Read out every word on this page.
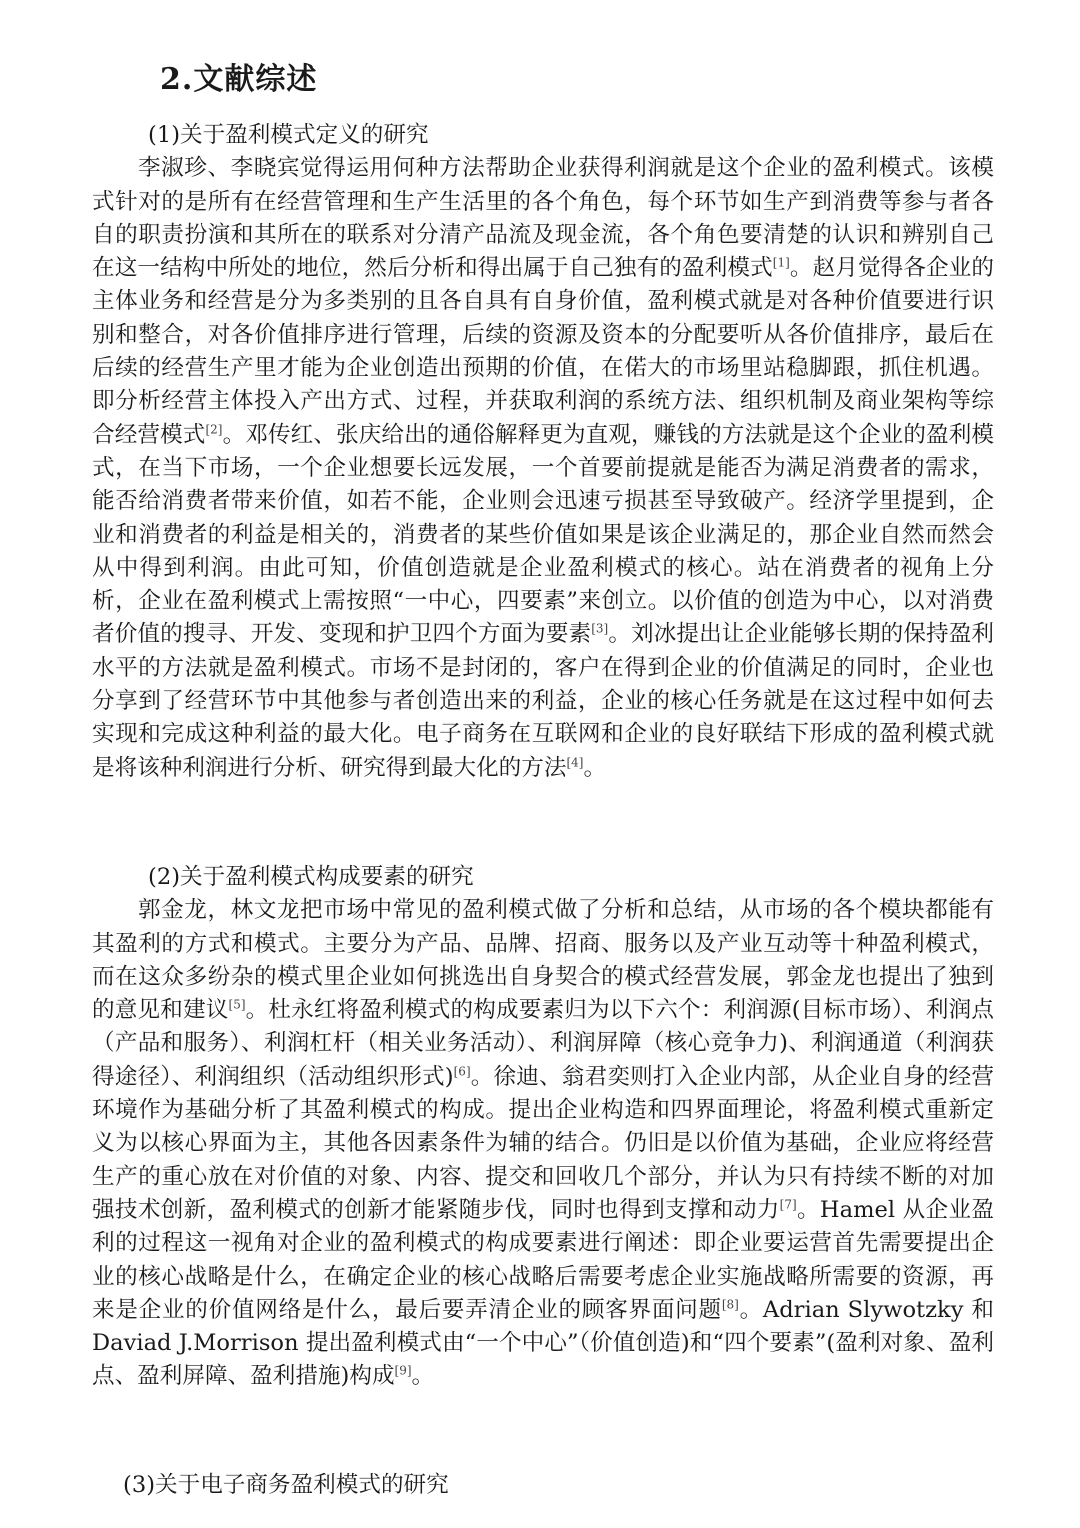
2.文献综述

(1)关于盈利模式定义的研究

李淑珍、李晓宾觉得运用何种方法帮助企业获得利润就是这个企业的盈利模式。该模式针对的是所有在经营管理和生产生活里的各个角色，每个环节如生产到消费等参与者各自的职责扮演和其所在的联系对分清产品流及现金流，各个角色要清楚的认识和辨别自己在这一结构中所处的地位，然后分析和得出属于自己独有的盈利模式[1]。赵月觉得各企业的主体业务和经营是分为多类别的且各自具有自身价值，盈利模式就是对各种价值要进行识别和整合，对各价值排序进行管理，后续的资源及资本的分配要听从各价值排序，最后在后续的经营生产里才能为企业创造出预期的价值，在偌大的市场里站稳脚跟，抓住机遇。即分析经营主体投入产出方式、过程，并获取利润的系统方法、组织机制及商业架构等综合经营模式[2]。邓传红、张庆给出的通俗解释更为直观，赚钱的方法就是这个企业的盈利模式，在当下市场，一个企业想要长远发展，一个首要前提就是能否为满足消费者的需求，能否给消费者带来价值，如若不能，企业则会迅速亏损甚至导致破产。经济学里提到，企业和消费者的利益是相关的，消费者的某些价值如果是该企业满足的，那企业自然而然会从中得到利润。由此可知，价值创造就是企业盈利模式的核心。站在消费者的视角上分析，企业在盈利模式上需按照“一中心，四要素”来创立。以价值的创造为中心，以对消费者价值的搜寻、开发、变现和护卫四个方面为要素[3]。刘冰提出让企业能够长期的保持盈利水平的方法就是盈利模式。市场不是封闭的，客户在得到企业的价值满足的同时，企业也分享到了经营环节中其他参与者创造出来的利益，企业的核心任务就是在这过程中如何去实现和完成这种利益的最大化。电子商务在互联网和企业的良好联结下形成的盈利模式就是将该种利润进行分析、研究得到最大化的方法[4]。

(2)关于盈利模式构成要素的研究

郭金龙，林文龙把市场中常见的盈利模式做了分析和总结，从市场的各个模块都能有其盈利的方式和模式。主要分为产品、品牌、招商、服务以及产业互动等十种盈利模式，而在这众多纷杂的模式里企业如何挑选出自身契合的模式经营发展，郭金龙也提出了独到的意见和建议[5]。杜永红将盈利模式的构成要素归为以下六个：利润源(目标市场）、利润点（产品和服务）、利润杠杆（相关业务活动）、利润屏障（核心竞争力)、利润通道（利润获得途径）、利润组织（活动组织形式)[6]。徐迪、翁君奕则打入企业内部，从企业自身的经营环境作为基础分析了其盈利模式的构成。提出企业构造和四界面理论，将盈利模式重新定义为以核心界面为主，其他各因素条件为辅的结合。仍旧是以价值为基础，企业应将经营生产的重心放在对价值的对象、内容、提交和回收几个部分，并认为只有持续不断的对加强技术创新，盈利模式的创新才能紧随步伐，同时也得到支撑和动力[7]。Hamel 从企业盈利的过程这一视角对企业的盈利模式的构成要素进行阐述：即企业要运营首先需要提出企业的核心战略是什么，在确定企业的核心战略后需要考虑企业实施战略所需要的资源，再来是企业的价值网络是什么，最后要弄清企业的顾客界面问题[8]。Adrian Slywotzky 和 Daviad J.Morrison 提出盈利模式由“一个中心”（价值创造)和“四个要素”(盈利对象、盈利点、盈利屏障、盈利措施)构成[9]。

(3)关于电子商务盈利模式的研究
